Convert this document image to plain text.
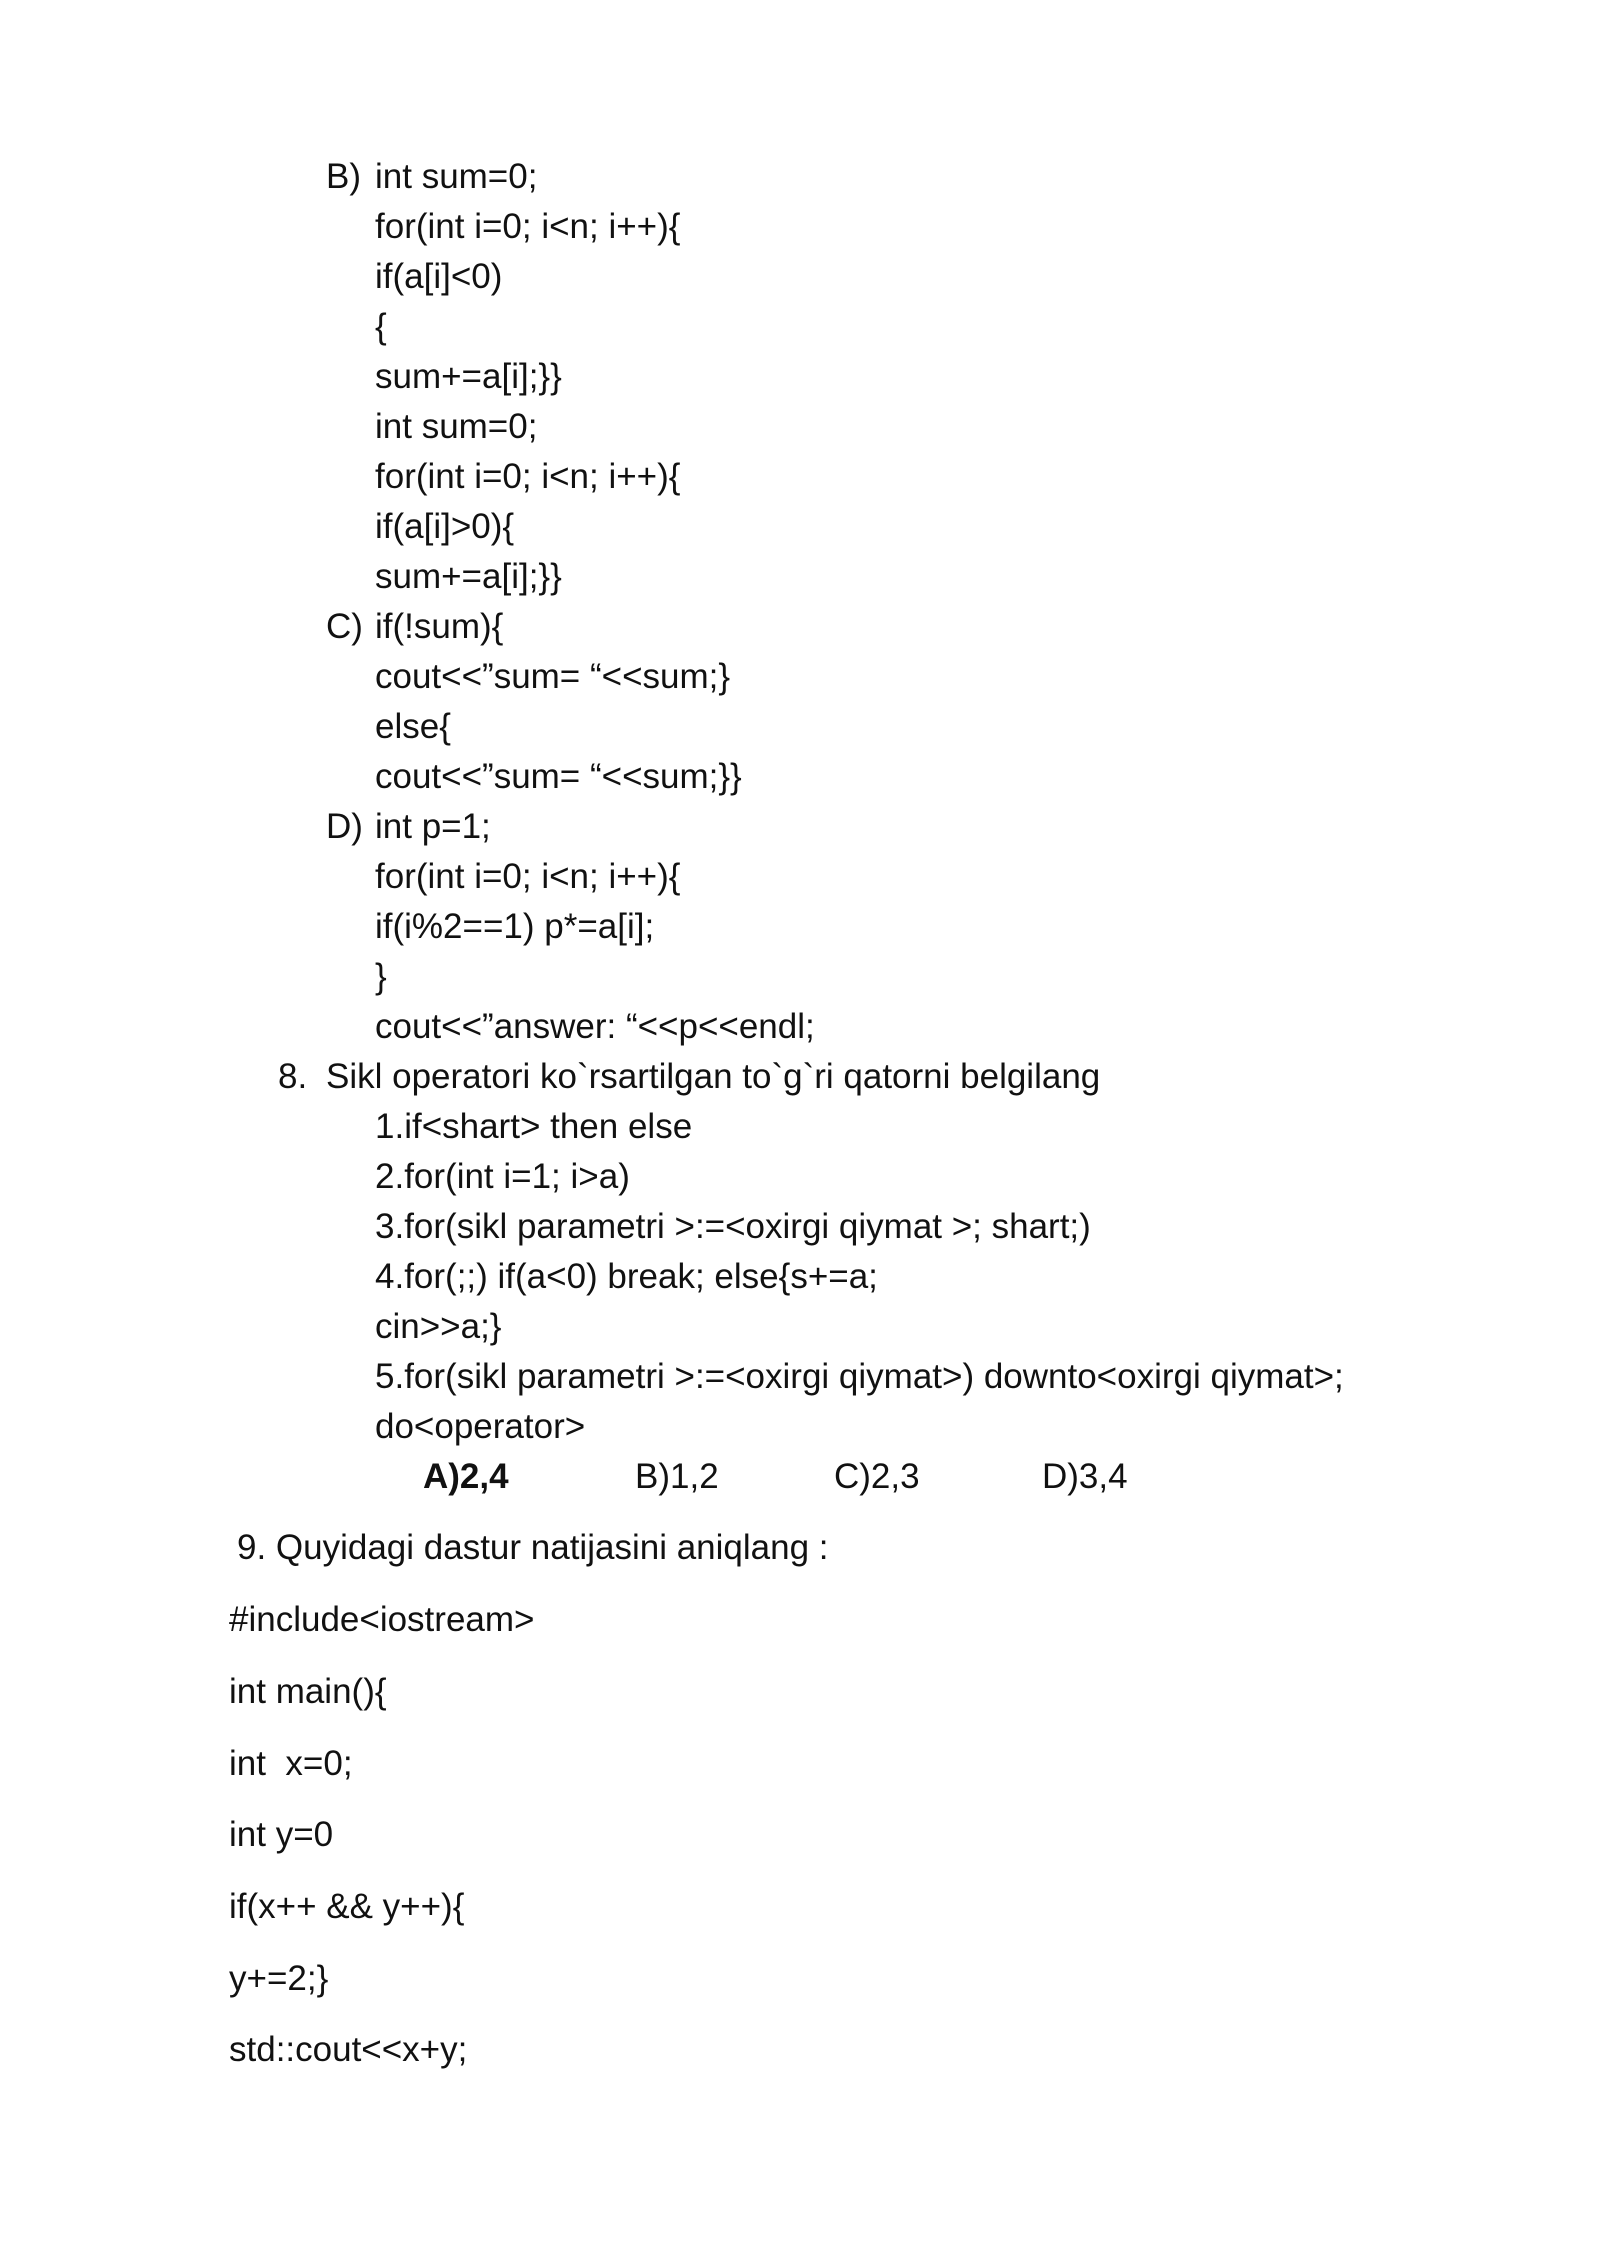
B) int sum=0;
for(int i=0; i<n; i++){
if(a[i]<0)
{
sum+=a[i];}}
int sum=0;
for(int i=0; i<n; i++){
if(a[i]>0){
sum+=a[i];}}
C) if(!sum){
cout<<”sum= “<<sum;}
else{
cout<<”sum= “<<sum;}}
D) int p=1;
for(int i=0; i<n; i++){
if(i%2==1) p*=a[i];
}
cout<<”answer: “<<p<<endl;
8. Sikl operatori ko`rsartilgan to`g`ri qatorni belgilang
1.if<shart> then else
2.for(int i=1; i>a)
3.for(sikl parametri >:=<oxirgi qiymat >; shart;)
4.for(;;) if(a<0) break; else{s+=a;
cin>>a;}
5.for(sikl parametri >:=<oxirgi qiymat>) downto<oxirgi qiymat>;
do<operator>
A)2,4	B)1,2	C)2,3	D)3,4
9. Quyidagi dastur natijasini aniqlang :
#include<iostream>
int main(){
int  x=0;
int y=0
if(x++ && y++){
y+=2;}
std::cout<<x+y;
